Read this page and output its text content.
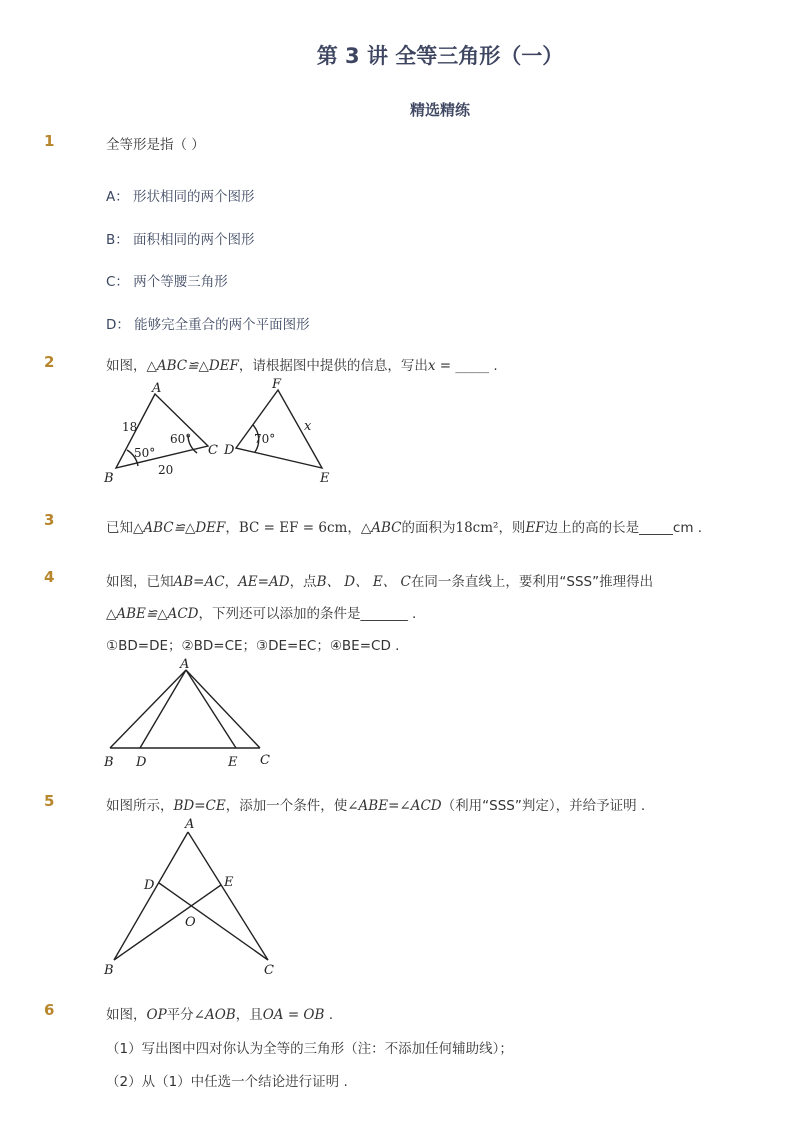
第 3 讲 全等三角形（一）
精选精练
1	全等形是指（ ）
A： 形状相同的两个图形
B： 面积相同的两个图形
C： 两个等腰三角形
D： 能够完全重合的两个平面图形
2	如图，△ABC≌△DEF，请根据图中提供的信息，写出x = _____ .
A
B
C
18
20
50°
60°
F
D
E
x
70°
3	已知△ABC≌△DEF，BC = EF = 6cm，△ABC的面积为18cm²，则EF边上的高的长是_____cm .
4	如图，已知AB=AC，AE=AD，点B、 D、 E、 C在同一条直线上，要利用“SSS”推理得出
△ABE≌△ACD，下列还可以添加的条件是_______ .
①BD=DE；②BD=CE；③DE=EC；④BE=CD .
A
B D	E C
5	如图所示，BD=CE，添加一个条件，使∠ABE=∠ACD（利用“SSS”判定），并给予证明 .
A
D	E
O
B	C
6	如图，OP平分∠AOB，且OA = OB .
（1）写出图中四对你认为全等的三角形（注：不添加任何辅助线）；
（2）从（1）中任选一个结论进行证明 .
